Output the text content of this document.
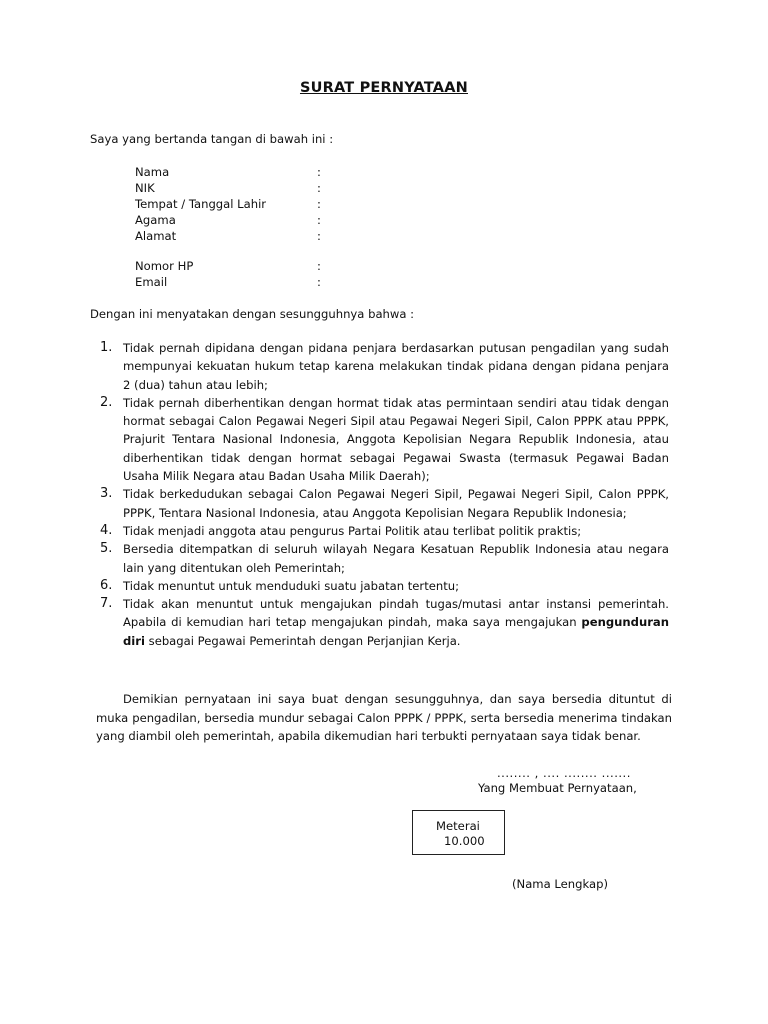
SURAT PERNYATAAN
Saya yang bertanda tangan di bawah ini :
Nama	:
NIK	:
Tempat / Tanggal Lahir	:
Agama	:
Alamat	:
Nomor HP	:
Email	:
Dengan ini menyatakan dengan sesungguhnya bahwa :
1. Tidak pernah dipidana dengan pidana penjara berdasarkan putusan pengadilan yang sudah mempunyai kekuatan hukum tetap karena melakukan tindak pidana dengan pidana penjara 2 (dua) tahun atau lebih;
2. Tidak pernah diberhentikan dengan hormat tidak atas permintaan sendiri atau tidak dengan hormat sebagai Calon Pegawai Negeri Sipil atau Pegawai Negeri Sipil, Calon PPPK atau PPPK, Prajurit Tentara Nasional Indonesia, Anggota Kepolisian Negara Republik Indonesia, atau diberhentikan tidak dengan hormat sebagai Pegawai Swasta (termasuk Pegawai Badan Usaha Milik Negara atau Badan Usaha Milik Daerah);
3. Tidak berkedudukan sebagai Calon Pegawai Negeri Sipil, Pegawai Negeri Sipil, Calon PPPK, PPPK, Tentara Nasional Indonesia, atau Anggota Kepolisian Negara Republik Indonesia;
4. Tidak menjadi anggota atau pengurus Partai Politik atau terlibat politik praktis;
5. Bersedia ditempatkan di seluruh wilayah Negara Kesatuan Republik Indonesia atau negara lain yang ditentukan oleh Pemerintah;
6. Tidak menuntut untuk menduduki suatu jabatan tertentu;
7. Tidak akan menuntut untuk mengajukan pindah tugas/mutasi antar instansi pemerintah. Apabila di kemudian hari tetap mengajukan pindah, maka saya mengajukan pengunduran diri sebagai Pegawai Pemerintah dengan Perjanjian Kerja.
Demikian pernyataan ini saya buat dengan sesungguhnya, dan saya bersedia dituntut di muka pengadilan, bersedia mundur sebagai Calon PPPK / PPPK, serta bersedia menerima tindakan yang diambil oleh pemerintah, apabila dikemudian hari terbukti pernyataan saya tidak benar.
........ , .... ........ .......
Yang Membuat Pernyataan,
Meterai
10.000
(Nama Lengkap)
